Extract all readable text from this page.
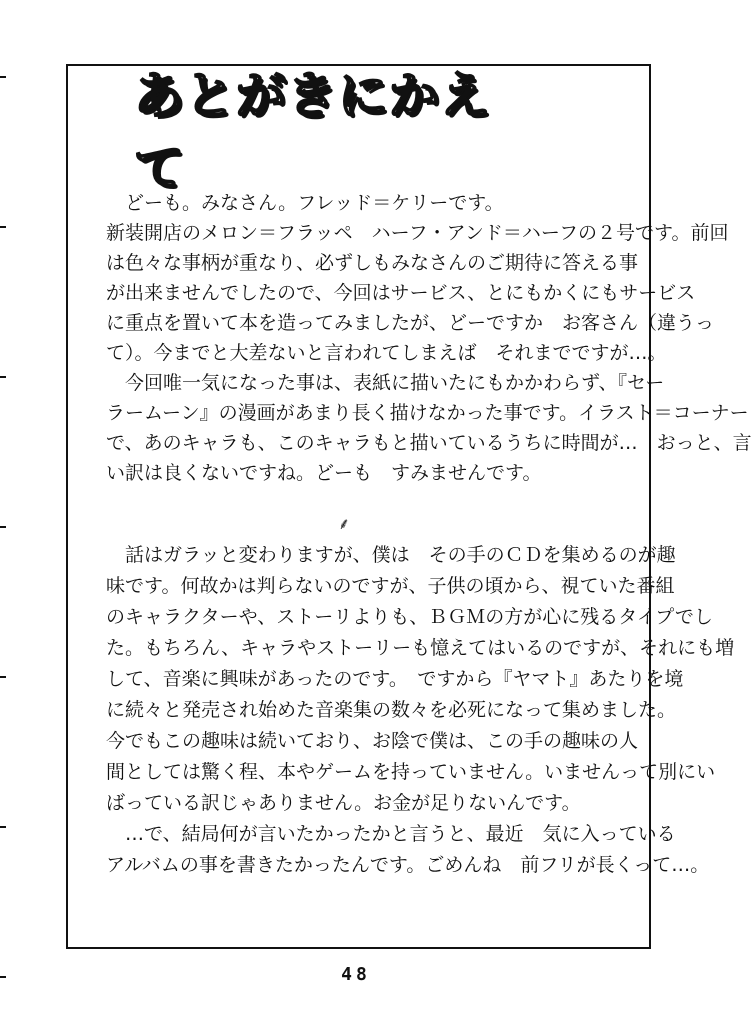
あとがきにかえて
　どーも。みなさん。フレッド＝ケリーです。
新装開店のメロン＝フラッペ　ハーフ・アンド＝ハーフの２号です。前回
は色々な事柄が重なり、必ずしもみなさんのご期待に答える事
が出来ませんでしたので、今回はサービス、とにもかくにもサービス
に重点を置いて本を造ってみましたが、どーですか　お客さん（違うっ
て）。今までと大差ないと言われてしまえば　それまでですが…。
　今回唯一気になった事は、表紙に描いたにもかかわらず、『セー
ラームーン』の漫画があまり長く描けなかった事です。イラスト＝コーナー
で、あのキャラも、このキャラもと描いているうちに時間が…　おっと、言
い訳は良くないですね。どーも　すみませんです。
⸙
　話はガラッと変わりますが、僕は　その手のＣＤを集めるのが趣
味です。何故かは判らないのですが、子供の頃から、視ていた番組
のキャラクターや、ストーリよりも、ＢＧＭの方が心に残るタイプでし
た。もちろん、キャラやストーリーも憶えてはいるのですが、それにも増
して、音楽に興味があったのです。　ですから『ヤマト』あたりを境
に続々と発売され始めた音楽集の数々を必死になって集めました。
今でもこの趣味は続いており、お陰で僕は、この手の趣味の人
間としては驚く程、本やゲームを持っていません。いませんって別にい
ばっている訳じゃありません。お金が足りないんです。
　…で、結局何が言いたかったかと言うと、最近　気に入っている
アルバムの事を書きたかったんです。ごめんね　前フリが長くって…。
48
